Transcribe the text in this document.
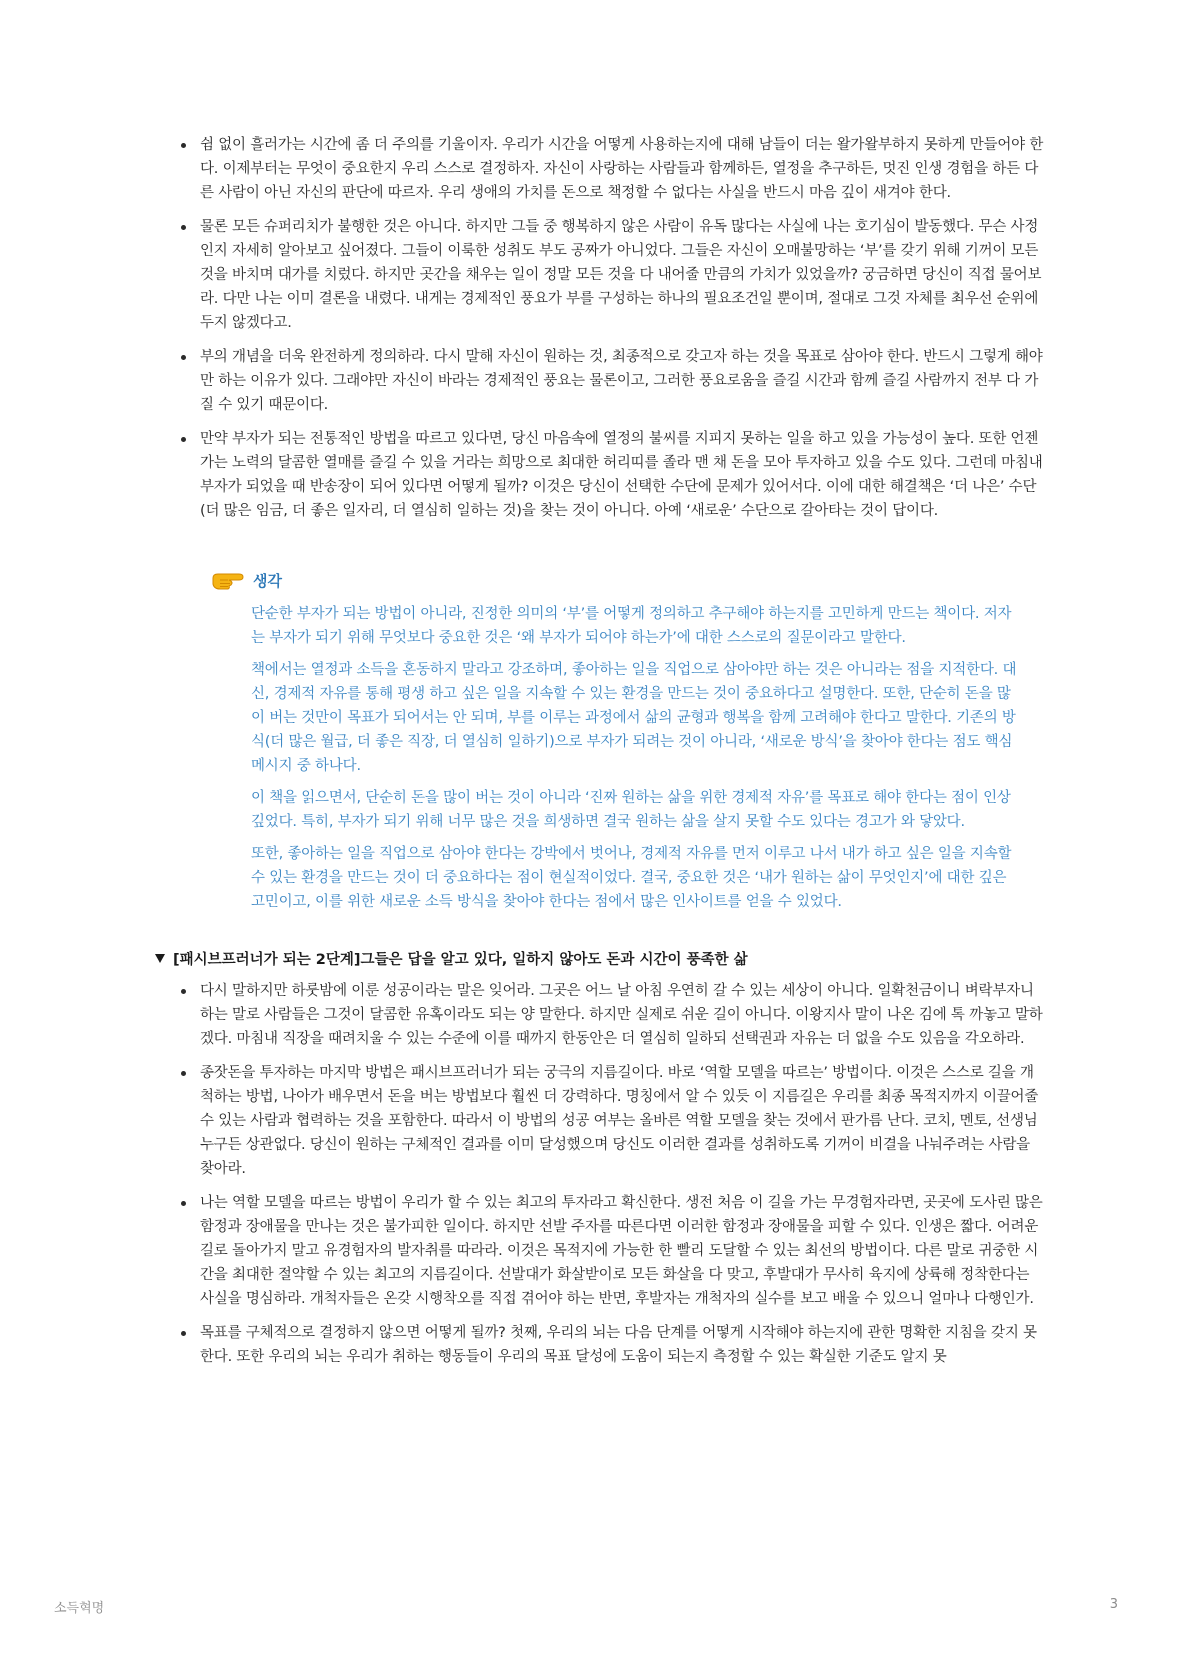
쉼 없이 흘러가는 시간에 좀 더 주의를 기울이자. 우리가 시간을 어떻게 사용하는지에 대해 남들이 더는 왈가왈부하지 못하게 만들어야 한다. 이제부터는 무엇이 중요한지 우리 스스로 결정하자. 자신이 사랑하는 사람들과 함께하든, 열정을 추구하든, 멋진 인생 경험을 하든 다른 사람이 아닌 자신의 판단에 따르자. 우리 생애의 가치를 돈으로 책정할 수 없다는 사실을 반드시 마음 깊이 새겨야 한다.
물론 모든 슈퍼리치가 불행한 것은 아니다. 하지만 그들 중 행복하지 않은 사람이 유독 많다는 사실에 나는 호기심이 발동했다. 무슨 사정인지 자세히 알아보고 싶어졌다. 그들이 이룩한 성취도 부도 공짜가 아니었다. 그들은 자신이 오매불망하는 ‘부’를 갖기 위해 기꺼이 모든 것을 바치며 대가를 치렀다. 하지만 곳간을 채우는 일이 정말 모든 것을 다 내어줄 만큼의 가치가 있었을까? 궁금하면 당신이 직접 물어보라. 다만 나는 이미 결론을 내렸다. 내게는 경제적인 풍요가 부를 구성하는 하나의 필요조건일 뿐이며, 절대로 그것 자체를 최우선 순위에 두지 않겠다고.
부의 개념을 더욱 완전하게 정의하라. 다시 말해 자신이 원하는 것, 최종적으로 갖고자 하는 것을 목표로 삼아야 한다. 반드시 그렇게 해야만 하는 이유가 있다. 그래야만 자신이 바라는 경제적인 풍요는 물론이고, 그러한 풍요로움을 즐길 시간과 함께 즐길 사람까지 전부 다 가질 수 있기 때문이다.
만약 부자가 되는 전통적인 방법을 따르고 있다면, 당신 마음속에 열정의 불씨를 지피지 못하는 일을 하고 있을 가능성이 높다. 또한 언젠가는 노력의 달콤한 열매를 즐길 수 있을 거라는 희망으로 최대한 허리띠를 졸라 맨 채 돈을 모아 투자하고 있을 수도 있다. 그런데 마침내 부자가 되었을 때 반송장이 되어 있다면 어떻게 될까? 이것은 당신이 선택한 수단에 문제가 있어서다. 이에 대한 해결책은 ‘더 나은’ 수단(더 많은 임금, 더 좋은 일자리, 더 열심히 일하는 것)을 찾는 것이 아니다. 아예 ‘새로운’ 수단으로 갈아타는 것이 답이다.
생각

단순한 부자가 되는 방법이 아니라, 진정한 의미의 ‘부’를 어떻게 정의하고 추구해야 하는지를 고민하게 만드는 책이다. 저자는 부자가 되기 위해 무엇보다 중요한 것은 ‘왜 부자가 되어야 하는가’에 대한 스스로의 질문이라고 말한다.

책에서는 열정과 소득을 혼동하지 말라고 강조하며, 좋아하는 일을 직업으로 삼아야만 하는 것은 아니라는 점을 지적한다. 대신, 경제적 자유를 통해 평생 하고 싶은 일을 지속할 수 있는 환경을 만드는 것이 중요하다고 설명한다. 또한, 단순히 돈을 많이 버는 것만이 목표가 되어서는 안 되며, 부를 이루는 과정에서 삶의 균형과 행복을 함께 고려해야 한다고 말한다. 기존의 방식(더 많은 월급, 더 좋은 직장, 더 열심히 일하기)으로 부자가 되려는 것이 아니라, ‘새로운 방식’을 찾아야 한다는 점도 핵심 메시지 중 하나다.

이 책을 읽으면서, 단순히 돈을 많이 버는 것이 아니라 ‘진짜 원하는 삶을 위한 경제적 자유’를 목표로 해야 한다는 점이 인상 깊었다. 특히, 부자가 되기 위해 너무 많은 것을 희생하면 결국 원하는 삶을 살지 못할 수도 있다는 경고가 와 닿았다.

또한, 좋아하는 일을 직업으로 삼아야 한다는 강박에서 벗어나, 경제적 자유를 먼저 이루고 나서 내가 하고 싶은 일을 지속할 수 있는 환경을 만드는 것이 더 중요하다는 점이 현실적이었다. 결국, 중요한 것은 ‘내가 원하는 삶이 무엇인지’에 대한 깊은 고민이고, 이를 위한 새로운 소득 방식을 찾아야 한다는 점에서 많은 인사이트를 얻을 수 있었다.

[패시브프러너가 되는 2단계]그들은 답을 알고 있다, 일하지 않아도 돈과 시간이 풍족한 삶
다시 말하지만 하룻밤에 이룬 성공이라는 말은 잊어라. 그곳은 어느 날 아침 우연히 갈 수 있는 세상이 아니다. 일확천금이니 벼락부자니 하는 말로 사람들은 그것이 달콤한 유혹이라도 되는 양 말한다. 하지만 실제로 쉬운 길이 아니다. 이왕지사 말이 나온 김에 톡 까놓고 말하겠다. 마침내 직장을 때려치울 수 있는 수준에 이를 때까지 한동안은 더 열심히 일하되 선택권과 자유는 더 없을 수도 있음을 각오하라.
종잣돈을 투자하는 마지막 방법은 패시브프러너가 되는 궁극의 지름길이다. 바로 ‘역할 모델을 따르는’ 방법이다. 이것은 스스로 길을 개척하는 방법, 나아가 배우면서 돈을 버는 방법보다 훨씬 더 강력하다. 명칭에서 알 수 있듯 이 지름길은 우리를 최종 목적지까지 이끌어줄 수 있는 사람과 협력하는 것을 포함한다. 따라서 이 방법의 성공 여부는 올바른 역할 모델을 찾는 것에서 판가름 난다. 코치, 멘토, 선생님 누구든 상관없다. 당신이 원하는 구체적인 결과를 이미 달성했으며 당신도 이러한 결과를 성취하도록 기꺼이 비결을 나눠주려는 사람을 찾아라.
나는 역할 모델을 따르는 방법이 우리가 할 수 있는 최고의 투자라고 확신한다. 생전 처음 이 길을 가는 무경험자라면, 곳곳에 도사린 많은 함정과 장애물을 만나는 것은 불가피한 일이다. 하지만 선발 주자를 따른다면 이러한 함정과 장애물을 피할 수 있다. 인생은 짧다. 어려운 길로 돌아가지 말고 유경험자의 발자취를 따라라. 이것은 목적지에 가능한 한 빨리 도달할 수 있는 최선의 방법이다. 다른 말로 귀중한 시간을 최대한 절약할 수 있는 최고의 지름길이다. 선발대가 화살받이로 모든 화살을 다 맞고, 후발대가 무사히 육지에 상륙해 정착한다는 사실을 명심하라. 개척자들은 온갖 시행착오를 직접 겪어야 하는 반면, 후발자는 개척자의 실수를 보고 배울 수 있으니 얼마나 다행인가.
목표를 구체적으로 결정하지 않으면 어떻게 될까? 첫째, 우리의 뇌는 다음 단계를 어떻게 시작해야 하는지에 관한 명확한 지침을 갖지 못한다. 또한 우리의 뇌는 우리가 취하는 행동들이 우리의 목표 달성에 도움이 되는지 측정할 수 있는 확실한 기준도 알지 못
소득혁명	3
